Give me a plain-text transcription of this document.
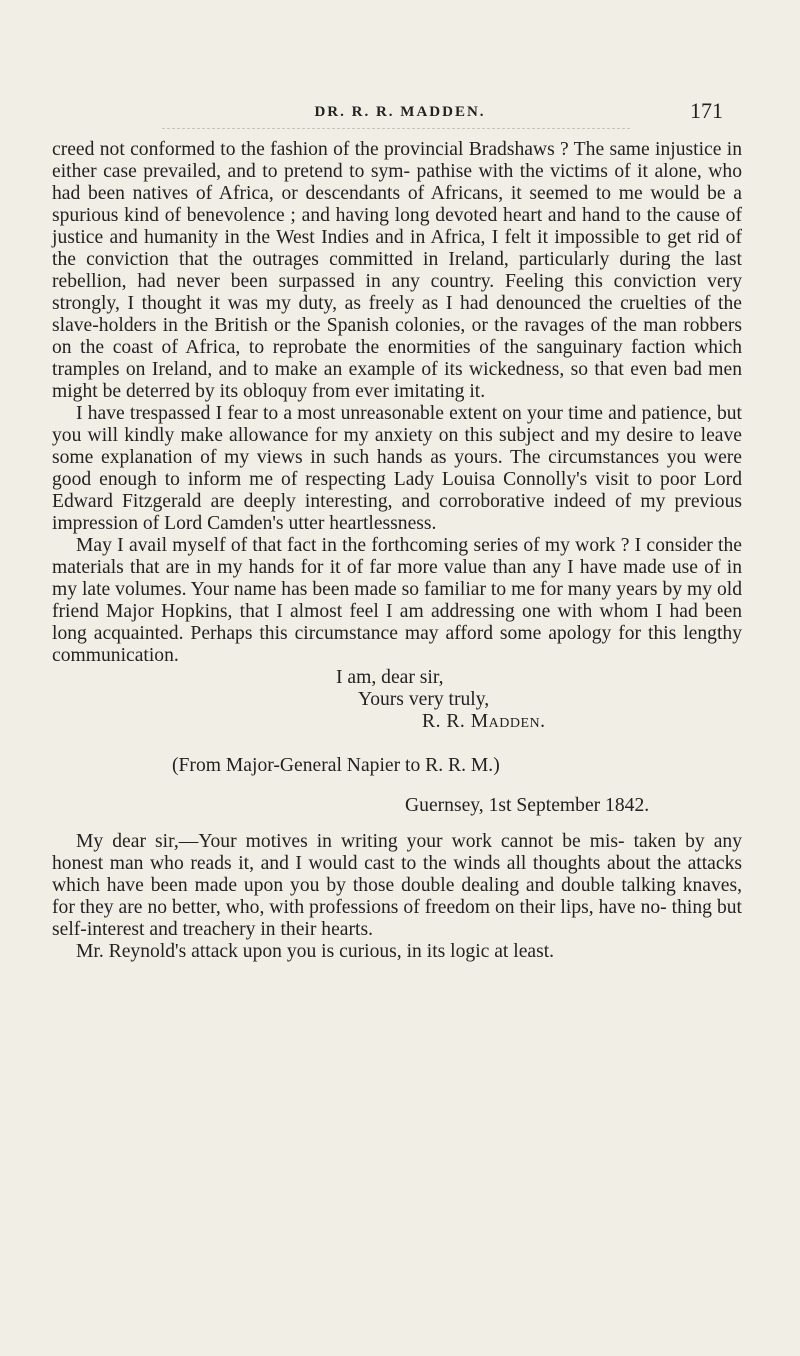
DR. R. R. MADDEN.	171

creed not conformed to the fashion of the provincial Bradshaws ? The same injustice in either case prevailed, and to pretend to sym- pathise with the victims of it alone, who had been natives of Africa, or descendants of Africans, it seemed to me would be a spurious kind of benevolence ; and having long devoted heart and hand to the cause of justice and humanity in the West Indies and in Africa, I felt it impossible to get rid of the conviction that the outrages committed in Ireland, particularly during the last rebellion, had never been surpassed in any country. Feeling this conviction very strongly, I thought it was my duty, as freely as I had denounced the cruelties of the slave-holders in the British or the Spanish colonies, or the ravages of the man robbers on the coast of Africa, to reprobate the enormities of the sanguinary faction which tramples on Ireland, and to make an example of its wickedness, so that even bad men might be deterred by its obloquy from ever imitating it.

I have trespassed I fear to a most unreasonable extent on your time and patience, but you will kindly make allowance for my anxiety on this subject and my desire to leave some explanation of my views in such hands as yours. The circumstances you were good enough to inform me of respecting Lady Louisa Connolly's visit to poor Lord Edward Fitzgerald are deeply interesting, and corroborative indeed of my previous impression of Lord Camden's utter heartlessness.

May I avail myself of that fact in the forthcoming series of my work ? I consider the materials that are in my hands for it of far more value than any I have made use of in my late volumes. Your name has been made so familiar to me for many years by my old friend Major Hopkins, that I almost feel I am addressing one with whom I had been long acquainted. Perhaps this circumstance may afford some apology for this lengthy communication.

I am, dear sir,
Yours very truly,
R. R. Madden.
(From Major-General Napier to R. R. M.)
Guernsey, 1st September 1842.

My dear sir,—Your motives in writing your work cannot be mis- taken by any honest man who reads it, and I would cast to the winds all thoughts about the attacks which have been made upon you by those double dealing and double talking knaves, for they are no better, who, with professions of freedom on their lips, have no- thing but self-interest and treachery in their hearts.

Mr. Reynold's attack upon you is curious, in its logic at least.
